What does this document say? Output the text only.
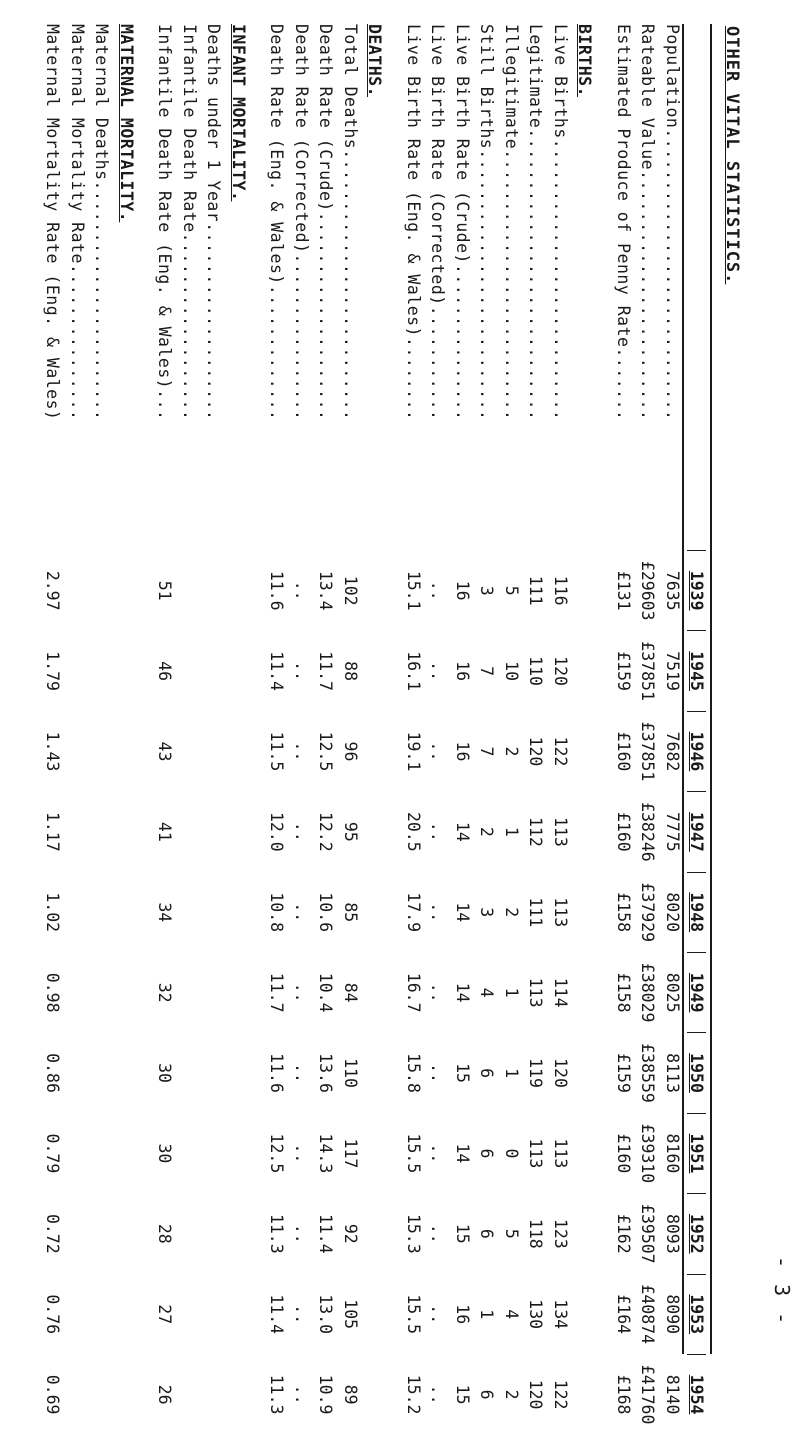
- 3 -
OTHER VITAL STATISTICS.
1939
1945
1946
1947
1948
1949
1950
1951
1952
1953
1954
Population............................
7635
7519
7682
7775
8020
8025
8113
8160
8093
8090
8140
Rateable Value........................
£29603
£37851
£37851
£38246
£37929
£38029
£38559
£39310
£39507
£40874
£41760
Estimated Produce of Penny Rate.......
£131
£159
£160
£160
£158
£158
£159
£160
£162
£164
£168
BIRTHS.
Live Births...........................
116
120
122
113
113
114
120
113
123
134
122
Legitimate............................
111
110
120
112
111
113
119
113
118
130
120
Illegitimate..........................
5
10
2
1
2
1
1
0
5
4
2
Still Births..........................
3
7
7
2
3
4
6
6
6
1
6
Live Birth Rate (Crude)...............
16
16
16
14
14
14
15
14
15
16
15
Live Birth Rate (Corrected)...........
..
..
..
..
..
..
..
..
..
..
..
Live Birth Rate (Eng. & Wales)........
15.1
16.1
19.1
20.5
17.9
16.7
15.8
15.5
15.3
15.5
15.2
DEATHS.
Total Deaths..........................
102
88
96
95
85
84
110
117
92
105
89
Death Rate (Crude)....................
13.4
11.7
12.5
12.2
10.6
10.4
13.6
14.3
11.4
13.0
10.9
Death Rate (Corrected)................
..
..
..
..
..
..
..
..
..
..
..
Death Rate (Eng. & Wales).............
11.6
11.4
11.5
12.0
10.8
11.7
11.6
12.5
11.3
11.4
11.3
INFANT MORTALITY.
Deaths under 1 Year...................
Infantile Death Rate..................
Infantile Death Rate (Eng. & Wales)...
51
46
43
41
34
32
30
30
28
27
26
MATERNAL MORTALITY.
Maternal Deaths.......................
Maternal Mortality Rate...............
Maternal Mortality Rate (Eng. & Wales)
2.97
1.79
1.43
1.17
1.02
0.98
0.86
0.79
0.72
0.76
0.69
